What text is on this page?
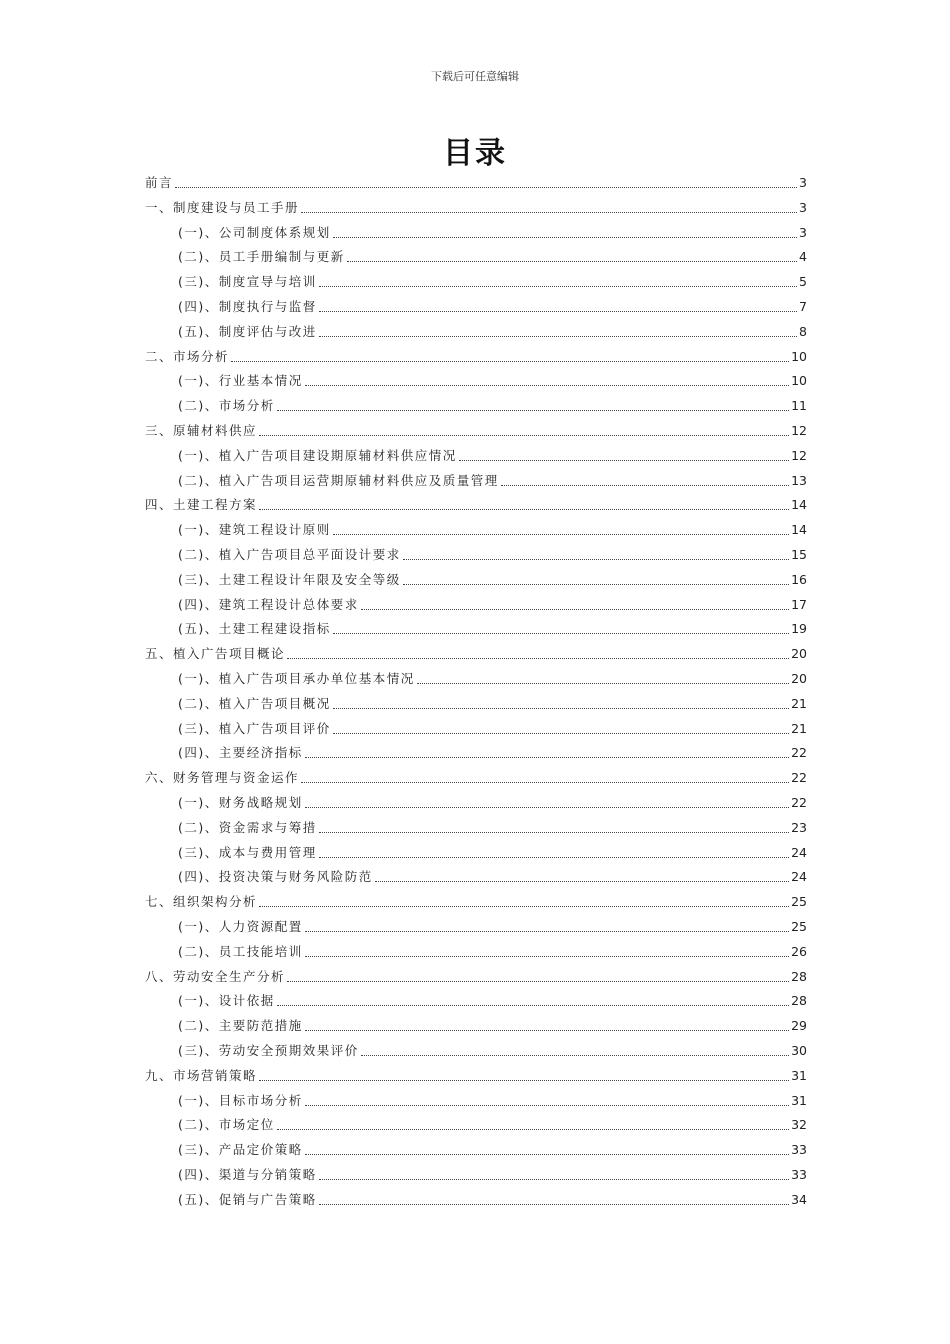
下载后可任意编辑
目录
前言	3
一、制度建设与员工手册	3
(一)、公司制度体系规划	3
(二)、员工手册编制与更新	4
(三)、制度宣导与培训	5
(四)、制度执行与监督	7
(五)、制度评估与改进	8
二、市场分析	10
(一)、行业基本情况	10
(二)、市场分析	11
三、原辅材料供应	12
(一)、植入广告项目建设期原辅材料供应情况	12
(二)、植入广告项目运营期原辅材料供应及质量管理	13
四、土建工程方案	14
(一)、建筑工程设计原则	14
(二)、植入广告项目总平面设计要求	15
(三)、土建工程设计年限及安全等级	16
(四)、建筑工程设计总体要求	17
(五)、土建工程建设指标	19
五、植入广告项目概论	20
(一)、植入广告项目承办单位基本情况	20
(二)、植入广告项目概况	21
(三)、植入广告项目评价	21
(四)、主要经济指标	22
六、财务管理与资金运作	22
(一)、财务战略规划	22
(二)、资金需求与筹措	23
(三)、成本与费用管理	24
(四)、投资决策与财务风险防范	24
七、组织架构分析	25
(一)、人力资源配置	25
(二)、员工技能培训	26
八、劳动安全生产分析	28
(一)、设计依据	28
(二)、主要防范措施	29
(三)、劳动安全预期效果评价	30
九、市场营销策略	31
(一)、目标市场分析	31
(二)、市场定位	32
(三)、产品定价策略	33
(四)、渠道与分销策略	33
(五)、促销与广告策略	34
